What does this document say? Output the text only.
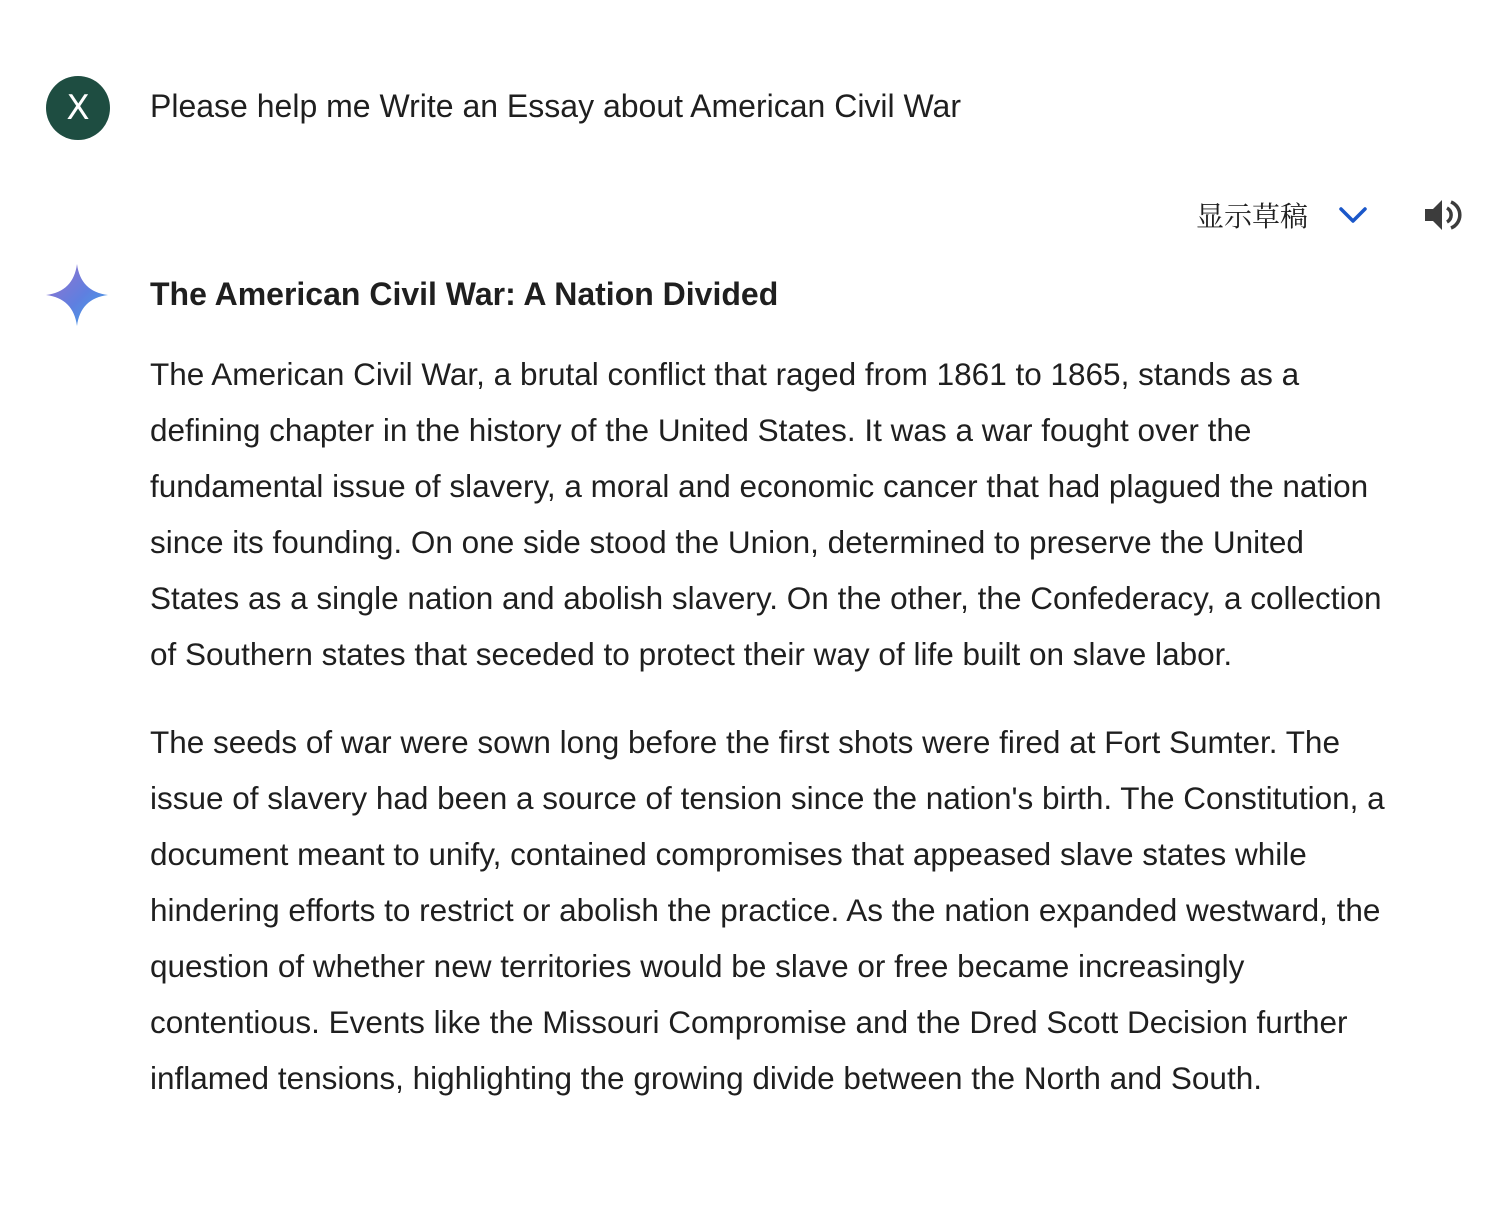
X	Please help me Write an Essay about American Civil War
显示草稿
The American Civil War: A Nation Divided

The American Civil War, a brutal conflict that raged from 1861 to 1865, stands as a defining chapter in the history of the United States. It was a war fought over the fundamental issue of slavery, a moral and economic cancer that had plagued the nation since its founding. On one side stood the Union, determined to preserve the United States as a single nation and abolish slavery. On the other, the Confederacy, a collection of Southern states that seceded to protect their way of life built on slave labor.

The seeds of war were sown long before the first shots were fired at Fort Sumter. The issue of slavery had been a source of tension since the nation's birth. The Constitution, a document meant to unify, contained compromises that appeased slave states while hindering efforts to restrict or abolish the practice. As the nation expanded westward, the question of whether new territories would be slave or free became increasingly contentious. Events like the Missouri Compromise and the Dred Scott Decision further inflamed tensions, highlighting the growing divide between the North and South.
